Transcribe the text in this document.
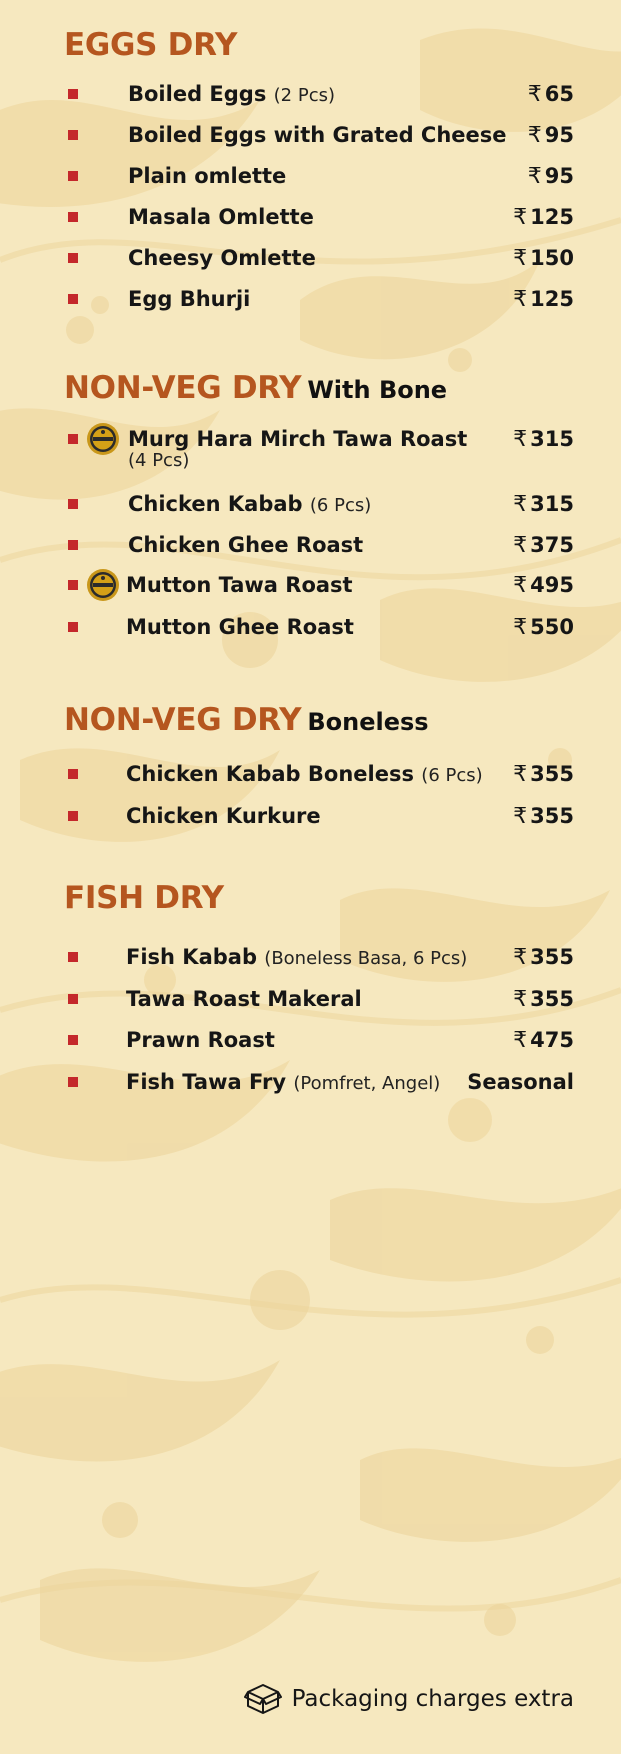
EGGS DRY
Boiled Eggs (2 Pcs)	₹ 65
Boiled Eggs with Grated Cheese ₹ 95
Plain omlette	₹ 95
Masala Omlette	₹ 125
Cheesy Omlette	₹ 150
Egg Bhurji	₹ 125
NON-VEG DRY With Bone
Murg Hara Mirch Tawa Roast ₹ 315
(4 Pcs)
Chicken Kabab (6 Pcs)	₹ 315
Chicken Ghee Roast	₹ 375
Mutton Tawa Roast	₹ 495
Mutton Ghee Roast	₹ 550
NON-VEG DRY Boneless
Chicken Kabab Boneless (6 Pcs) ₹ 355
Chicken Kurkure	₹ 355
FISH DRY
Fish Kabab (Boneless Basa, 6 Pcs) ₹ 355
Tawa Roast Makeral	₹ 355
Prawn Roast	₹ 475
Fish Tawa Fry (Pomfret, Angel) Seasonal
Packaging charges extra
